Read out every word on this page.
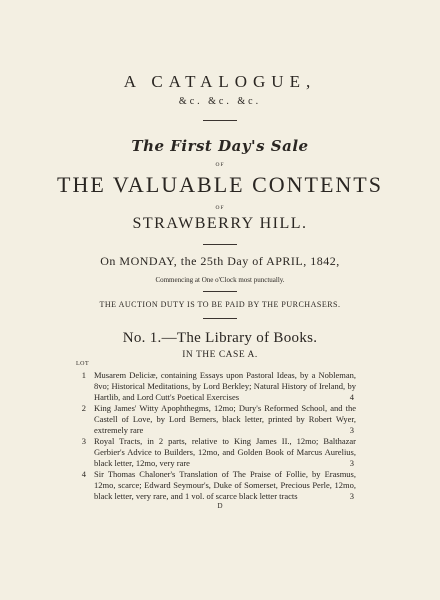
A CATALOGUE,
&c. &c. &c.
The First Day's Sale
OF
THE VALUABLE CONTENTS
OF
STRAWBERRY HILL.
On MONDAY, the 25th Day of APRIL, 1842,
Commencing at One o'Clock most punctually.
THE AUCTION DUTY IS TO BE PAID BY THE PURCHASERS.
No. 1.—The Library of Books.
IN THE CASE A.
LOT
1 Musarem Deliciæ, containing Essays upon Pastoral Ideas, by a Nobleman, 8vo; Historical Meditations, by Lord Berkley; Natural History of Ireland, by Hartlib, and Lord Cutt's Poetical Exercises	4
2 King James' Witty Apophthegms, 12mo; Dury's Reformed School, and the Castell of Love, by Lord Berners, black letter, printed by Robert Wyer, extremely rare	3
3 Royal Tracts, in 2 parts, relative to King James II., 12mo; Balthazar Gerbier's Advice to Builders, 12mo, and Golden Book of Marcus Aurelius, black letter, 12mo, very rare	3
4 Sir Thomas Chaloner's Translation of The Praise of Follie, by Erasmus, 12mo, scarce; Edward Seymour's, Duke of Somerset, Precious Perle, 12mo, black letter, very rare, and 1 vol. of scarce black letter tracts	3
D
